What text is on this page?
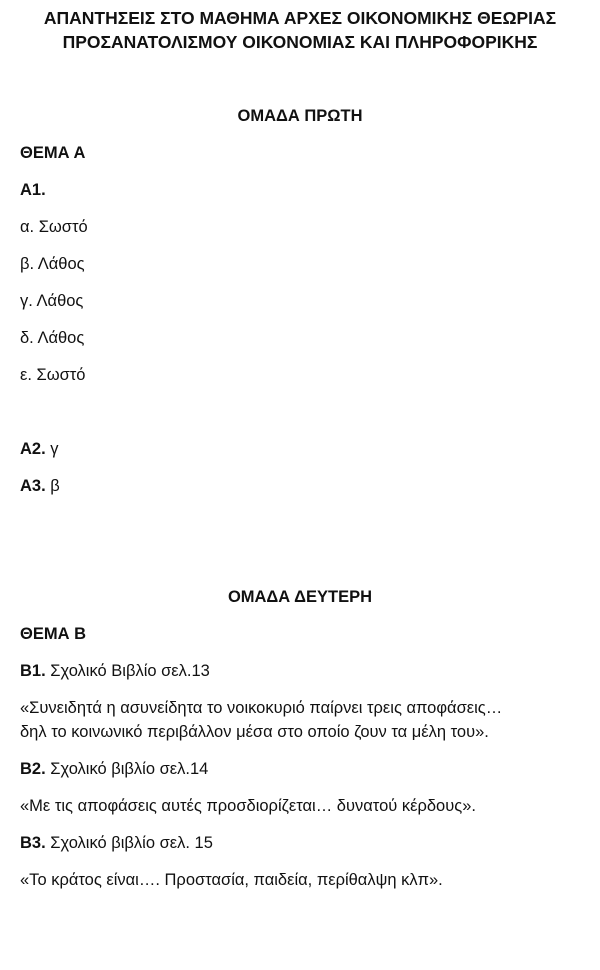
ΑΠΑΝΤΗΣΕΙΣ ΣΤΟ ΜΑΘΗΜΑ ΑΡΧΕΣ ΟΙΚΟΝΟΜΙΚΗΣ ΘΕΩΡΙΑΣ
ΠΡΟΣΑΝΑΤΟΛΙΣΜΟΥ ΟΙΚΟΝΟΜΙΑΣ ΚΑΙ ΠΛΗΡΟΦΟΡΙΚΗΣ
ΟΜΑΔΑ ΠΡΩΤΗ
ΘΕΜΑ Α
Α1.
α. Σωστό
β. Λάθος
γ. Λάθος
δ. Λάθος
ε. Σωστό
Α2. γ
Α3. β
ΟΜΑΔΑ ΔΕΥΤΕΡΗ
ΘΕΜΑ Β
Β1. Σχολικό Βιβλίο σελ.13
«Συνειδητά η ασυνείδητα το νοικοκυριό παίρνει τρεις αποφάσεις…
δηλ το κοινωνικό περιβάλλον μέσα στο οποίο ζουν τα μέλη του».
Β2. Σχολικό βιβλίο σελ.14
«Με τις αποφάσεις αυτές προσδιορίζεται… δυνατού κέρδους».
Β3. Σχολικό βιβλίο σελ. 15
«Το κράτος είναι…. Προστασία, παιδεία, περίθαλψη κλπ».
